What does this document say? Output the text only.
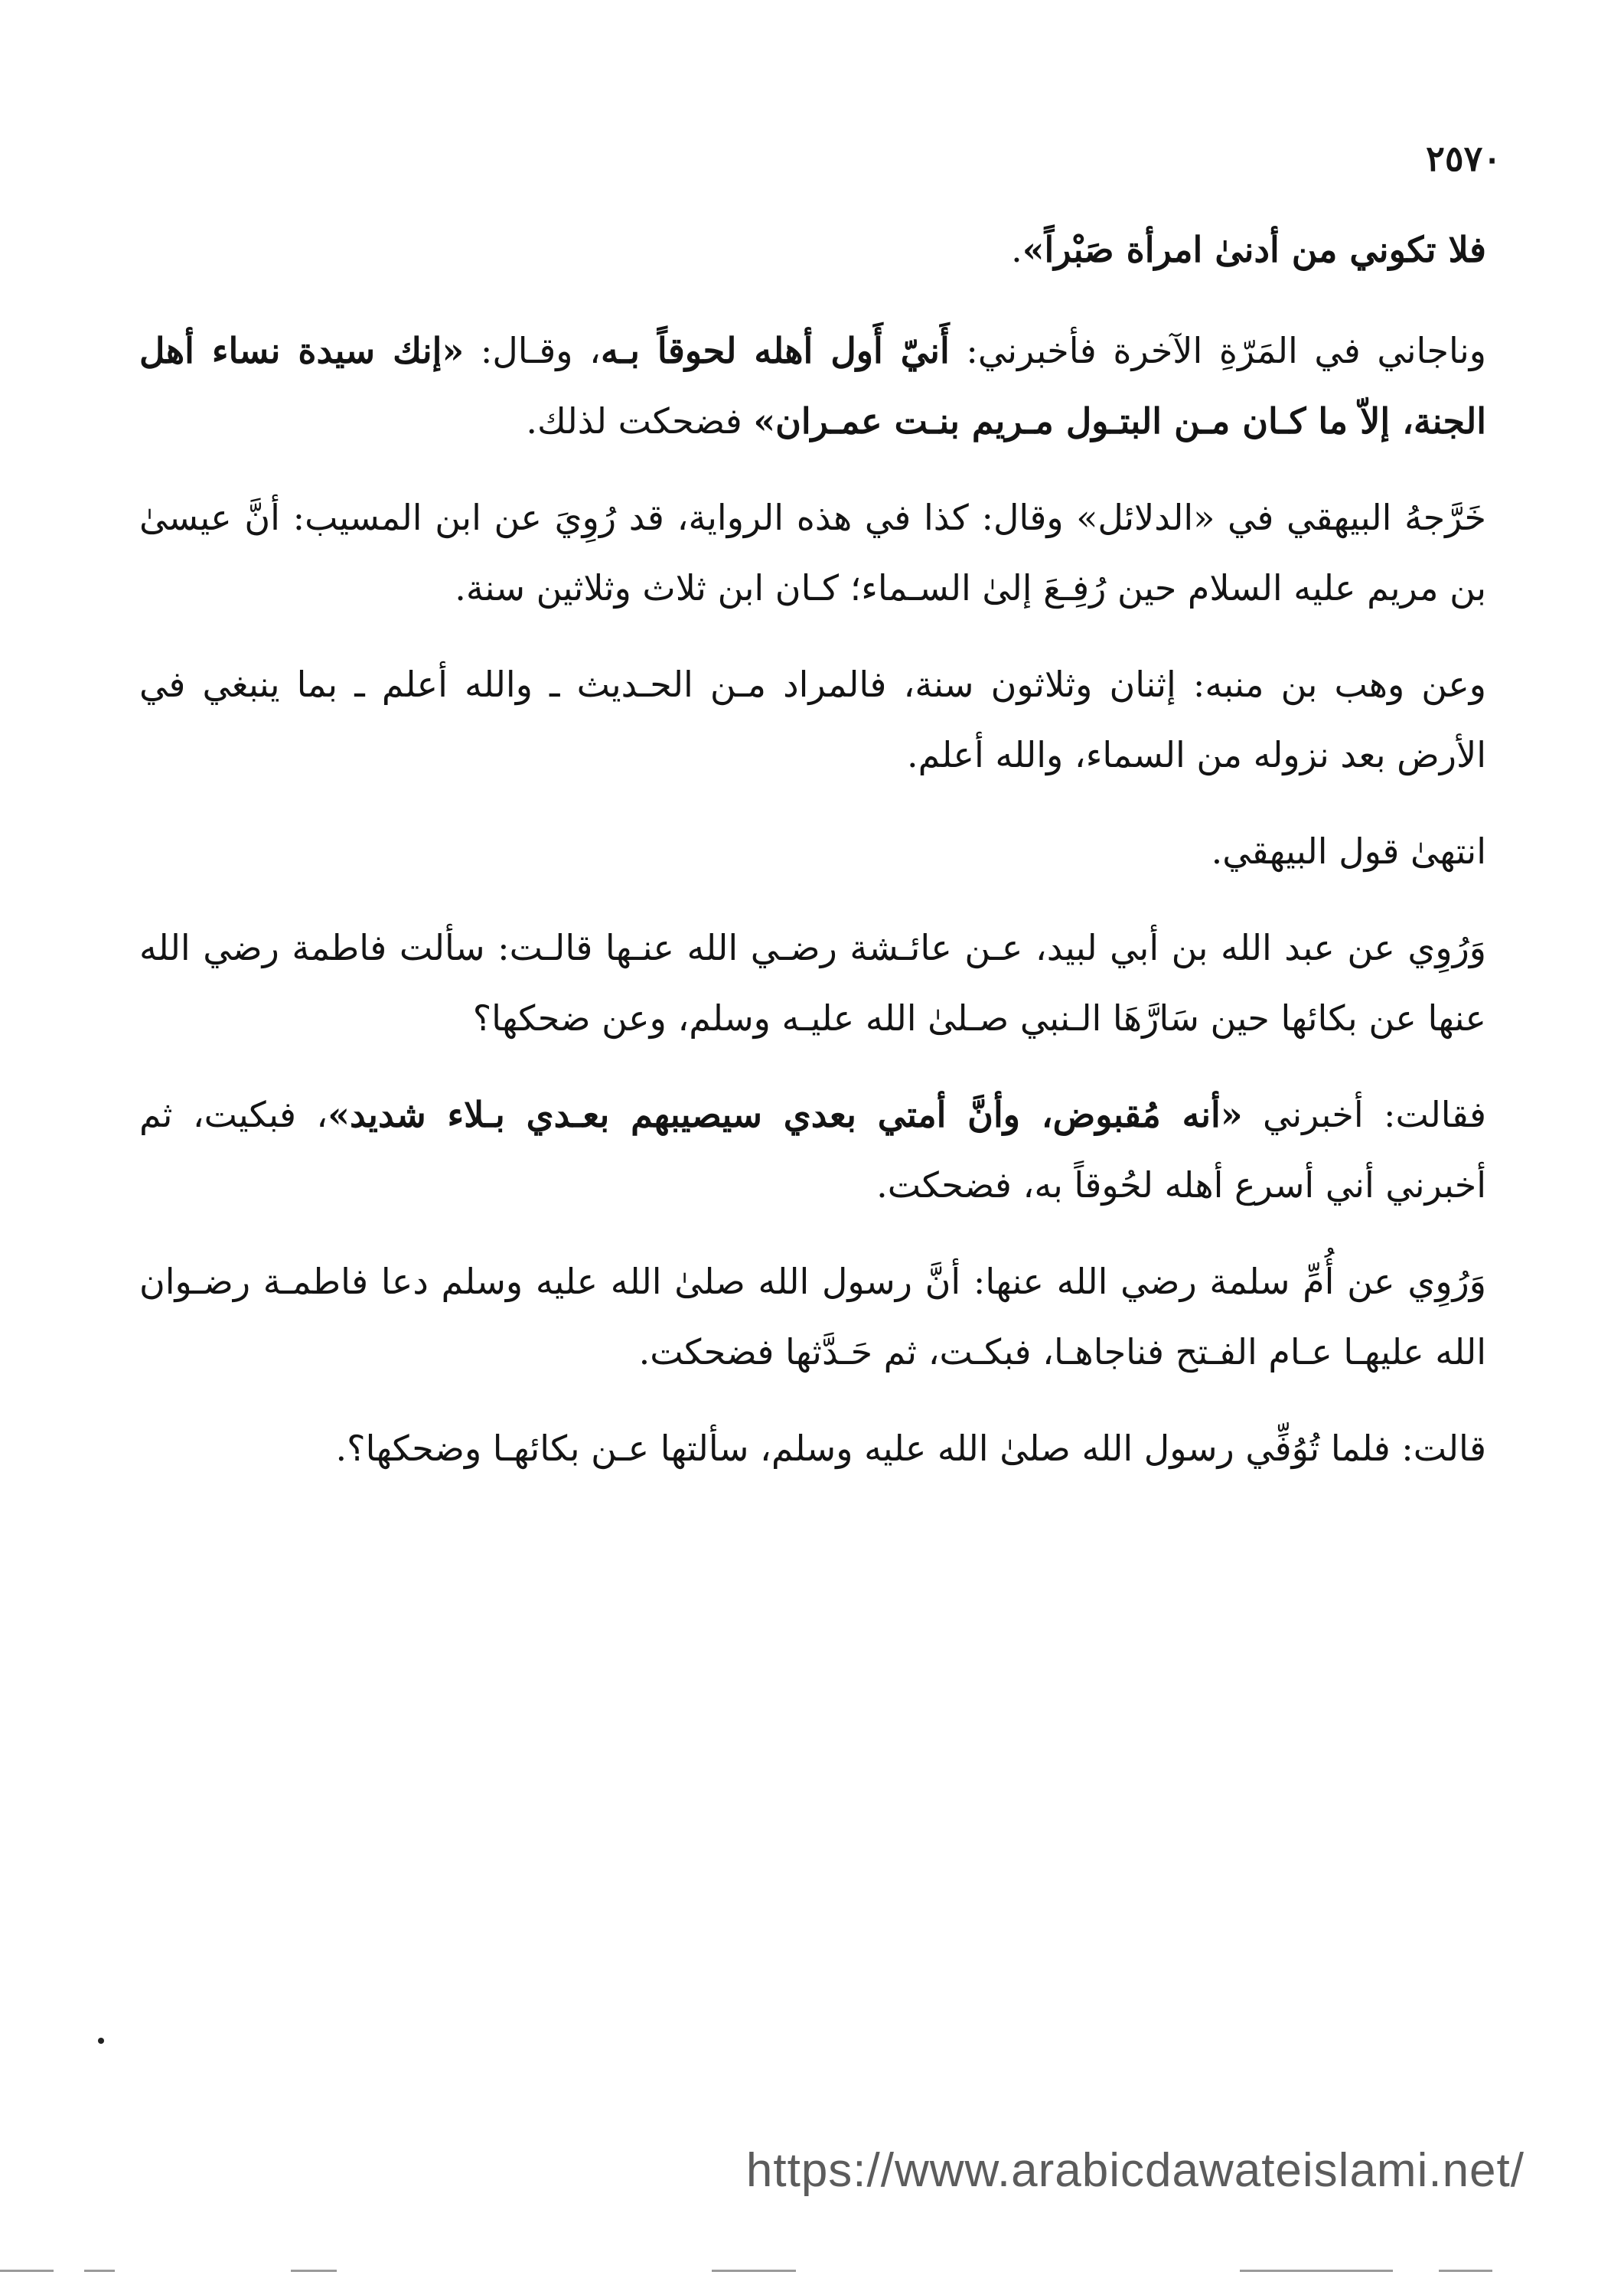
٢٥٧٠

فلا تكوني من أدنىٰ امرأة صَبْراً».

وناجاني في المَرّةِ الآخرة فأخبرني: أَنيّ أَول أهله لحوقاً بـه، وقـال: «إنك سيدة نساء أهل الجنة، إلاّ ما كـان مـن البتـول مـريم بنـت عمـران» فضحكت لذلك.

خَرَّجهُ البيهقي في «الدلائل» وقال: كذا في هذه الرواية، قد رُوِيَ عن ابن المسيب: أنَّ عيسىٰ بن مريم عليه السلام حين رُفِـعَ إلىٰ السـماء؛ كـان ابن ثلاث وثلاثين سنة.

وعن وهب بن منبه: إثنان وثلاثون سنة، فالمراد مـن الحـديث ـ والله أعلم ـ بما ينبغي في الأرض بعد نزوله من السماء، والله أعلم.

انتهىٰ قول البيهقي.

وَرُوِي عن عبد الله بن أبي لبيد، عـن عائـشة رضـي الله عنـها قالـت: سألت فاطمة رضي الله عنها عن بكائها حين سَارَّهَا الـنبي صـلىٰ الله عليـه وسلم، وعن ضحكها؟

فقالت: أخبرني «أنه مُقبوض، وأنَّ أمتي بعدي سيصيبهم بعـدي بـلاء شديد»، فبكيت، ثم أخبرني أني أسرع أهله لحُوقاً به، فضحكت.

وَرُوِي عن أُمِّ سلمة رضي الله عنها: أنَّ رسول الله صلىٰ الله عليه وسلم دعا فاطمـة رضـوان الله عليهـا عـام الفـتح فناجاهـا، فبكـت، ثم حَـدَّثها فضحكت.

قالت: فلما تُوُفِّي رسول الله صلىٰ الله عليه وسلم، سألتها عـن بكائهـا وضحكها؟.

https://www.arabicdawateislami.net/
